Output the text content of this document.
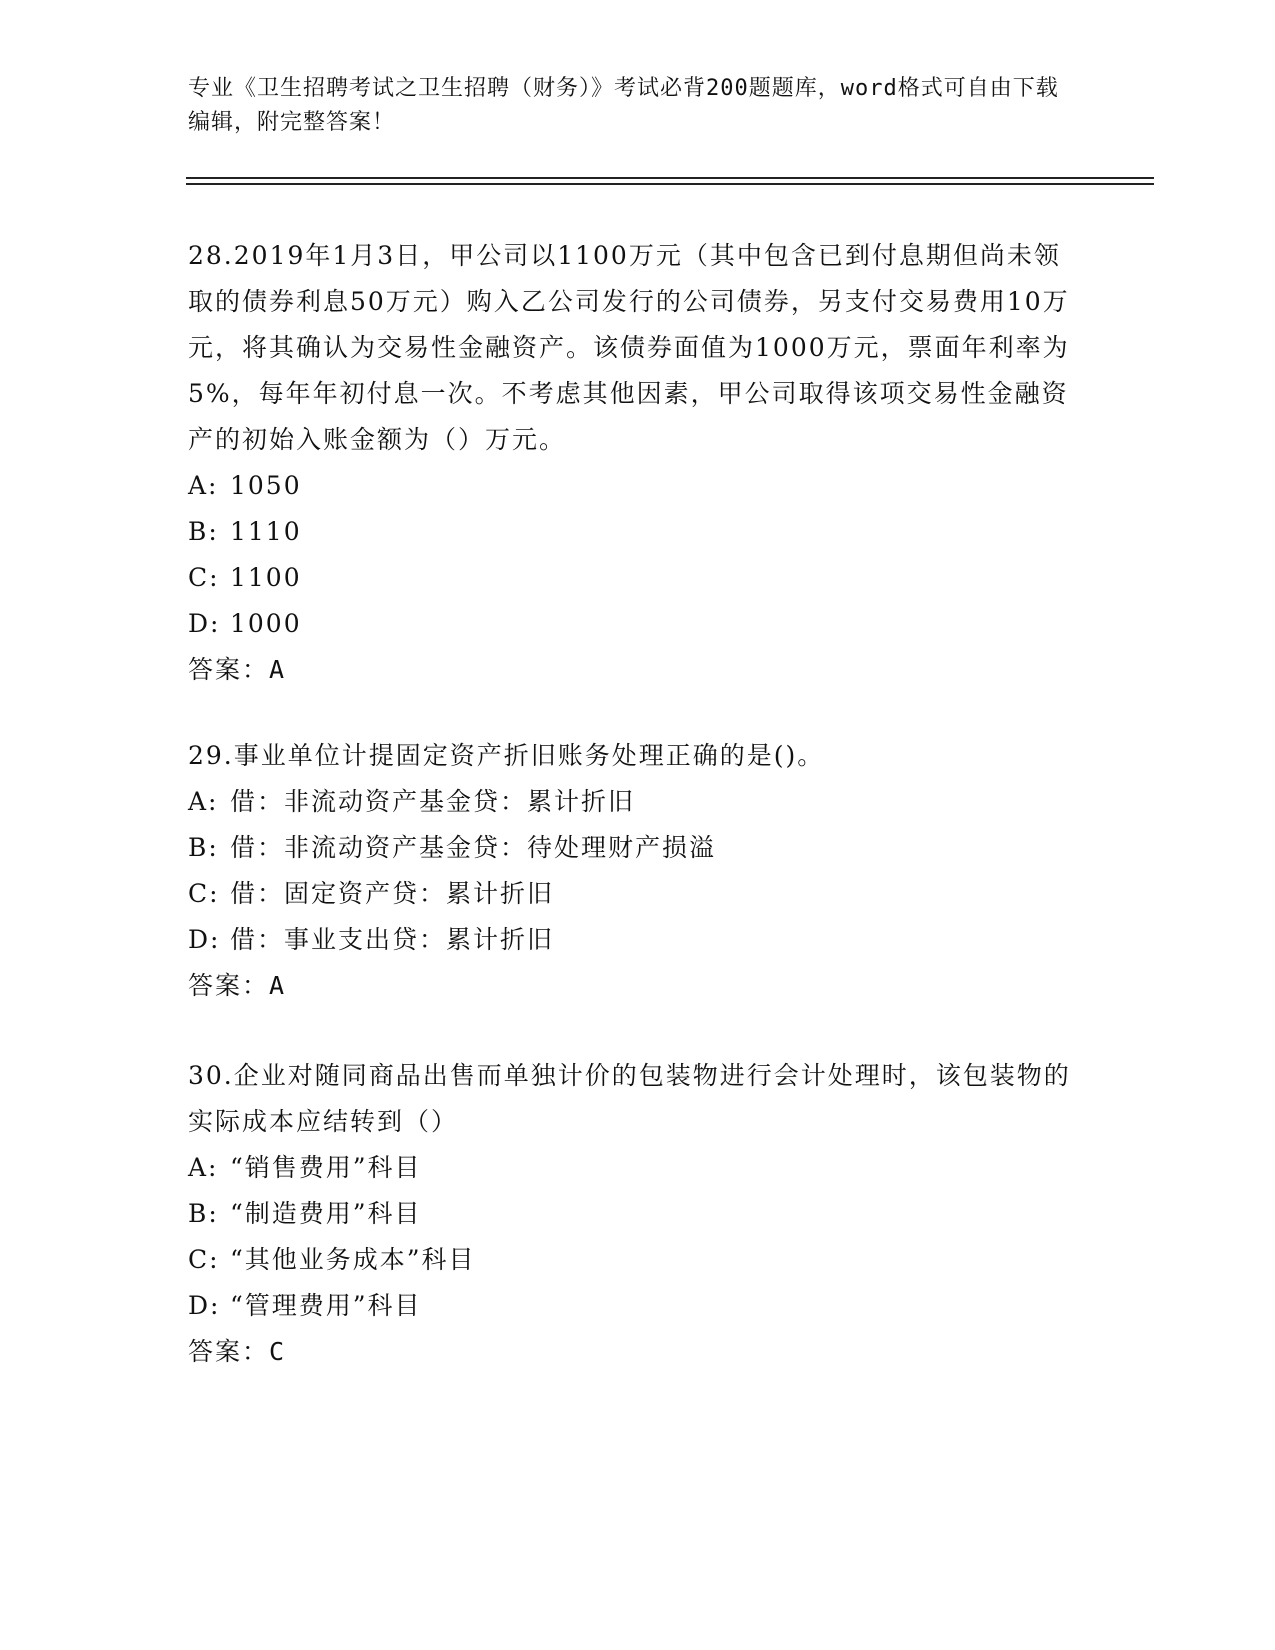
专业《卫生招聘考试之卫生招聘（财务）》考试必背200题题库，word格式可自由下载编辑，附完整答案！

28.2019年1月3日，甲公司以1100万元（其中包含已到付息期但尚未领取的债券利息50万元）购入乙公司发行的公司债券，另支付交易费用10万元，将其确认为交易性金融资产。该债券面值为1000万元，票面年利率为5%，每年年初付息一次。不考虑其他因素，甲公司取得该项交易性金融资产的初始入账金额为（）万元。

A: 1050

B: 1110

C: 1100

D: 1000

答案：A

29.事业单位计提固定资产折旧账务处理正确的是()。

A: 借：非流动资产基金贷：累计折旧

B: 借：非流动资产基金贷：待处理财产损溢

C: 借：固定资产贷：累计折旧

D: 借：事业支出贷：累计折旧

答案：A

30.企业对随同商品出售而单独计价的包装物进行会计处理时，该包装物的实际成本应结转到（）

A: “销售费用”科目

B: “制造费用”科目

C: “其他业务成本”科目

D: “管理费用”科目

答案：C
